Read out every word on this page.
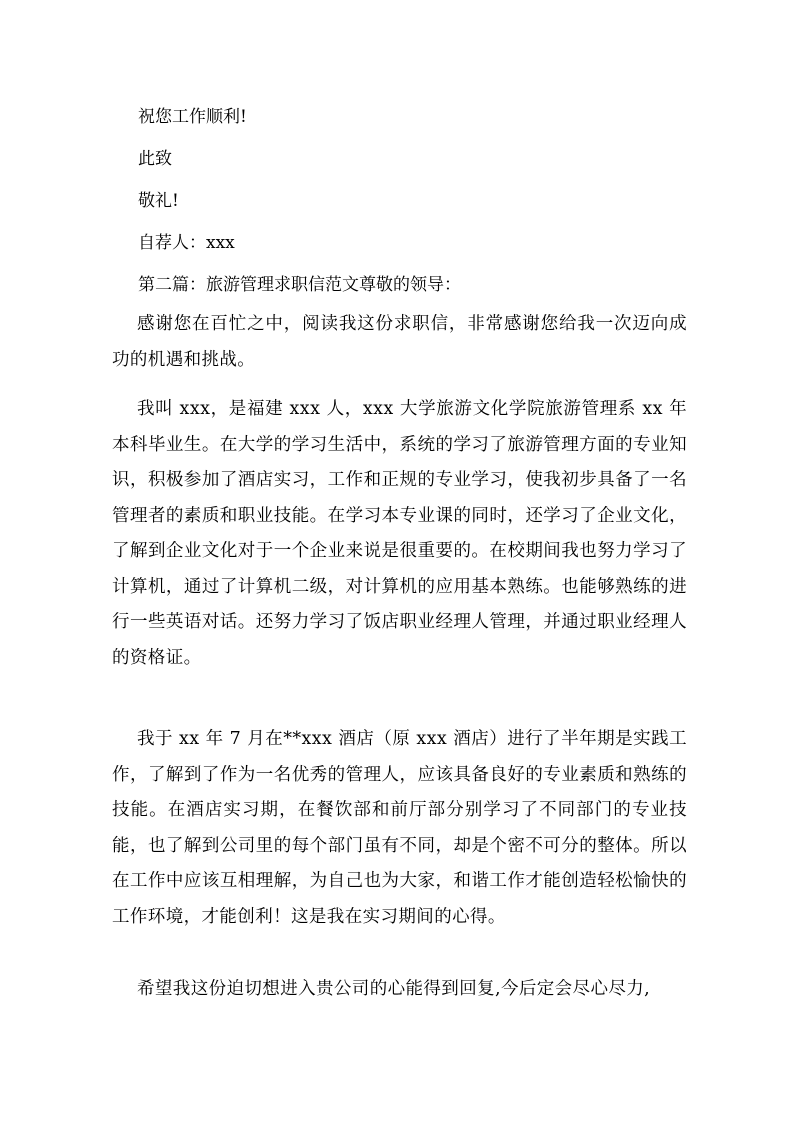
祝您工作顺利!
此致
敬礼!
自荐人：xxx
第二篇：旅游管理求职信范文尊敬的领导：

感谢您在百忙之中，阅读我这份求职信，非常感谢您给我一次迈向成功的机遇和挑战。

我叫 xxx，是福建 xxx 人，xxx 大学旅游文化学院旅游管理系 xx 年本科毕业生。在大学的学习生活中，系统的学习了旅游管理方面的专业知识，积极参加了酒店实习，工作和正规的专业学习，使我初步具备了一名管理者的素质和职业技能。在学习本专业课的同时，还学习了企业文化，了解到企业文化对于一个企业来说是很重要的。在校期间我也努力学习了计算机，通过了计算机二级，对计算机的应用基本熟练。也能够熟练的进行一些英语对话。还努力学习了饭店职业经理人管理，并通过职业经理人的资格证。

我于 xx 年 7 月在**xxx 酒店（原 xxx 酒店）进行了半年期是实践工作，了解到了作为一名优秀的管理人，应该具备良好的专业素质和熟练的技能。在酒店实习期，在餐饮部和前厅部分别学习了不同部门的专业技能，也了解到公司里的每个部门虽有不同，却是个密不可分的整体。所以在工作中应该互相理解，为自己也为大家，和谐工作才能创造轻松愉快的工作环境，才能创利！这是我在实习期间的心得。

希望我这份迫切想进入贵公司的心能得到回复,今后定会尽心尽力,
